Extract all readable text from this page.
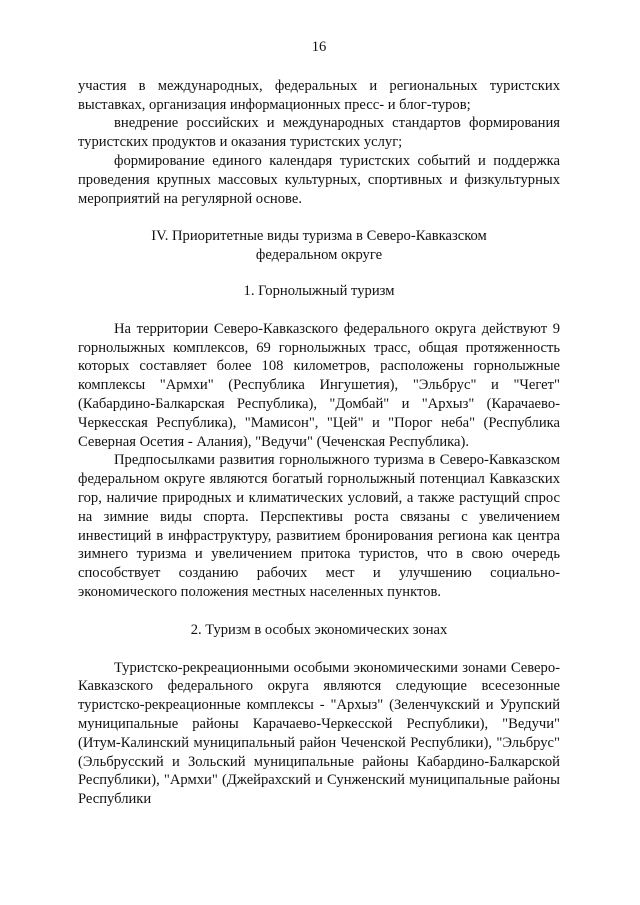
16

участия в международных, федеральных и региональных туристских выставках, организация информационных пресс- и блог-туров;

внедрение российских и международных стандартов формирования туристских продуктов и оказания туристских услуг;

формирование единого календаря туристских событий и поддержка проведения крупных массовых культурных, спортивных и физкультурных мероприятий на регулярной основе.

IV. Приоритетные виды туризма в Северо-Кавказском
федеральном округе
1. Горнолыжный туризм

На территории Северо-Кавказского федерального округа действуют 9 горнолыжных комплексов, 69 горнолыжных трасс, общая протяженность которых составляет более 108 километров, расположены горнолыжные комплексы "Армхи" (Республика Ингушетия), "Эльбрус" и "Чегет" (Кабардино-Балкарская Республика), "Домбай" и "Архыз" (Карачаево-Черкесская Республика), "Мамисон", "Цей" и "Порог неба" (Республика Северная Осетия - Алания), "Ведучи" (Чеченская Республика).

Предпосылками развития горнолыжного туризма в Северо-Кавказском федеральном округе являются богатый горнолыжный потенциал Кавказских гор, наличие природных и климатических условий, а также растущий спрос на зимние виды спорта. Перспективы роста связаны с увеличением инвестиций в инфраструктуру, развитием бронирования региона как центра зимнего туризма и увеличением притока туристов, что в свою очередь способствует созданию рабочих мест и улучшению социально-экономического положения местных населенных пунктов.

2. Туризм в особых экономических зонах

Туристско-рекреационными особыми экономическими зонами Северо-Кавказского федерального округа являются следующие всесезонные туристско-рекреационные комплексы - "Архыз" (Зеленчукский и Урупский муниципальные районы Карачаево-Черкесской Республики), "Ведучи" (Итум-Калинский муниципальный район Чеченской Республики), "Эльбрус" (Эльбрусский и Зольский муниципальные районы Кабардино-Балкарской Республики), "Армхи" (Джейрахский и Сунженский муниципальные районы Республики
